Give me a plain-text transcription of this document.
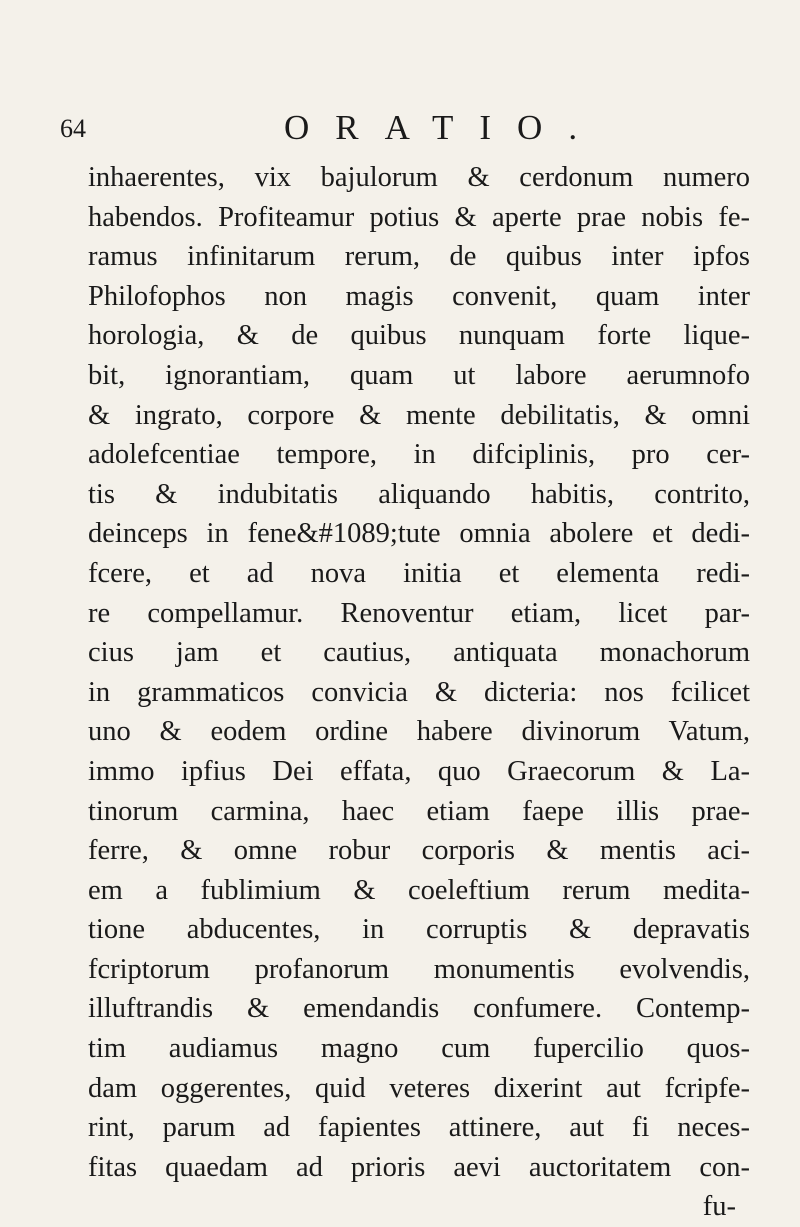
64	ORATIO.
inhaerentes, vix bajulorum & cerdonum numero
habendos. Profiteamur potius & aperte prae nobis fe-
ramus infinitarum rerum, de quibus inter ipfos
Philofophos non magis convenit, quam inter
horologia, & de quibus nunquam forte lique-
bit, ignorantiam, quam ut labore aerumnofo
& ingrato, corpore & mente debilitatis, & omni
adolefcentiae tempore, in difciplinis, pro cer-
tis & indubitatis aliquando habitis, contrito,
deinceps in fene&#1089;tute omnia abolere et dedi-
fcere, et ad nova initia et elementa redi-
re compellamur. Renoventur etiam, licet par-
cius jam et cautius, antiquata monachorum
in grammaticos convicia & dicteria: nos fcilicet
uno & eodem ordine habere divinorum Vatum,
immo ipfius Dei effata, quo Graecorum & La-
tinorum carmina, haec etiam faepe illis prae-
ferre, & omne robur corporis & mentis aci-
em a fublimium & coeleftium rerum medita-
tione abducentes, in corruptis & depravatis
fcriptorum profanorum monumentis evolvendis,
illuftrandis & emendandis confumere. Contemp-
tim audiamus magno cum fupercilio quos-
dam oggerentes, quid veteres dixerint aut fcripfe-
rint, parum ad fapientes attinere, aut fi neces-
fitas quaedam ad prioris aevi auctoritatem con-
fu-
